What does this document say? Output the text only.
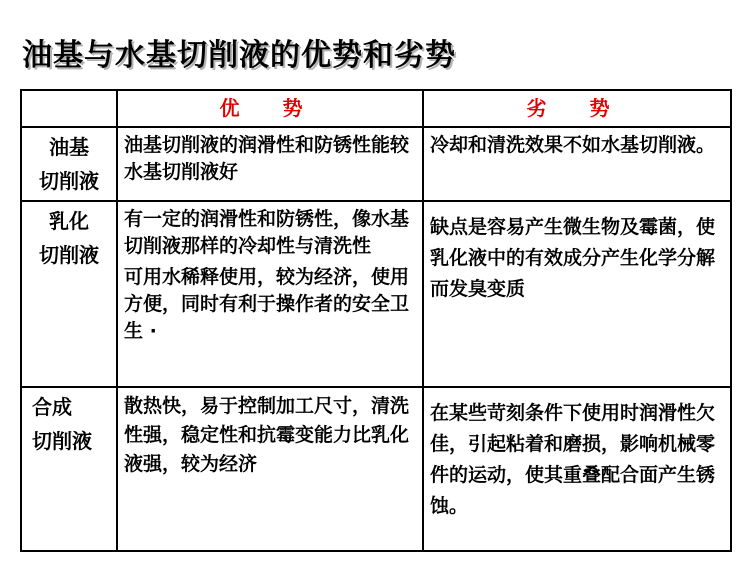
油基与水基切削液的优势和劣势
	优 势	劣 势

油基
切削液	油基切削液的润滑性和防锈性能较水基切削液好	冷却和清洗效果不如水基切削液。

乳化
切削液	有一定的润滑性和防锈性，像水基切削液那样的冷却性与清洗性
可用水稀释使用，较为经济，使用方便，同时有利于操作者的安全卫生 ·	缺点是容易产生微生物及霉菌，使乳化液中的有效成分产生化学分解而发臭变质

合成
切削液	散热快，易于控制加工尺寸，清洗性强，稳定性和抗霉变能力比乳化液强，较为经济	在某些苛刻条件下使用时润滑性欠佳，引起粘着和磨损，影响机械零件的运动，使其重叠配合面产生锈蚀。
